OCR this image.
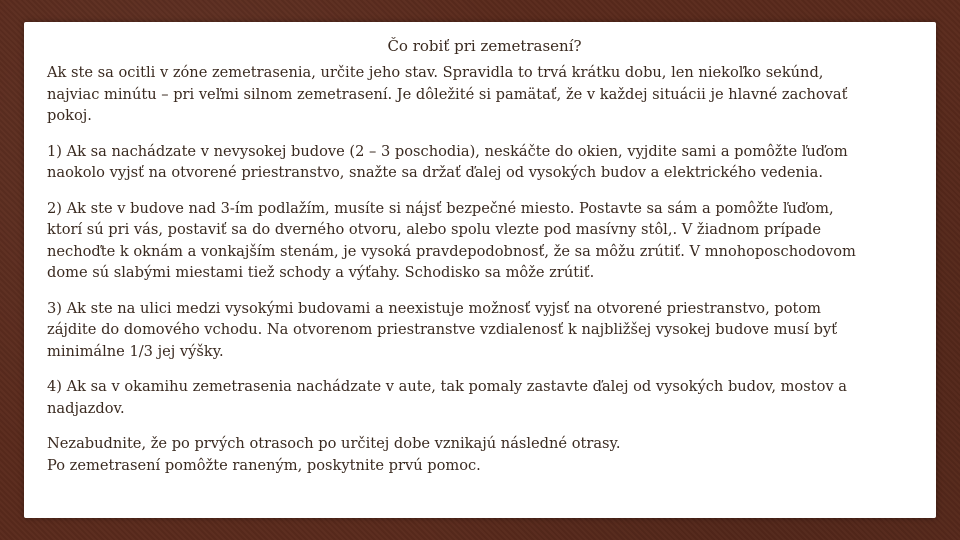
Čo robiť pri zemetrasení?
Ak ste sa ocitli v zóne zemetrasenia, určite jeho stav. Spravidla to trvá krátku dobu, len niekoľko sekúnd,
najviac minútu – pri veľmi silnom zemetrasení. Je dôležité si pamätať, že v každej situácii je hlavné zachovať
pokoj.
1) Ak sa nachádzate v nevysokej budove (2 – 3 poschodia), neskáčte do okien, vyjdite sami a pomôžte ľuďom
naokolo vyjsť na otvorené priestranstvo, snažte sa držať ďalej od vysokých budov a elektrického vedenia.
2) Ak ste v budove nad 3-ím podlažím, musíte si nájsť bezpečné miesto. Postavte sa sám a pomôžte ľuďom,
ktorí sú pri vás, postaviť sa do dverného otvoru, alebo spolu vlezte pod masívny stôl,. V žiadnom prípade
nechoďte k oknám a vonkajším stenám, je vysoká pravdepodobnosť, že sa môžu zrútiť. V mnohoposchodovom
dome sú slabými miestami tiež schody a výťahy. Schodisko sa môže zrútiť.
3) Ak ste na ulici medzi vysokými budovami a neexistuje možnosť vyjsť na otvorené priestranstvo, potom
zájdite do domového vchodu. Na otvorenom priestranstve vzdialenosť k najbližšej vysokej budove musí byť
minimálne 1/3 jej výšky.
4) Ak sa v okamihu zemetrasenia nachádzate v aute, tak pomaly zastavte ďalej od vysokých budov, mostov a
nadjazdov.
Nezabudnite, že po prvých otrasoch po určitej dobe vznikajú následné otrasy.
Po zemetrasení pomôžte raneným, poskytnite prvú pomoc.
